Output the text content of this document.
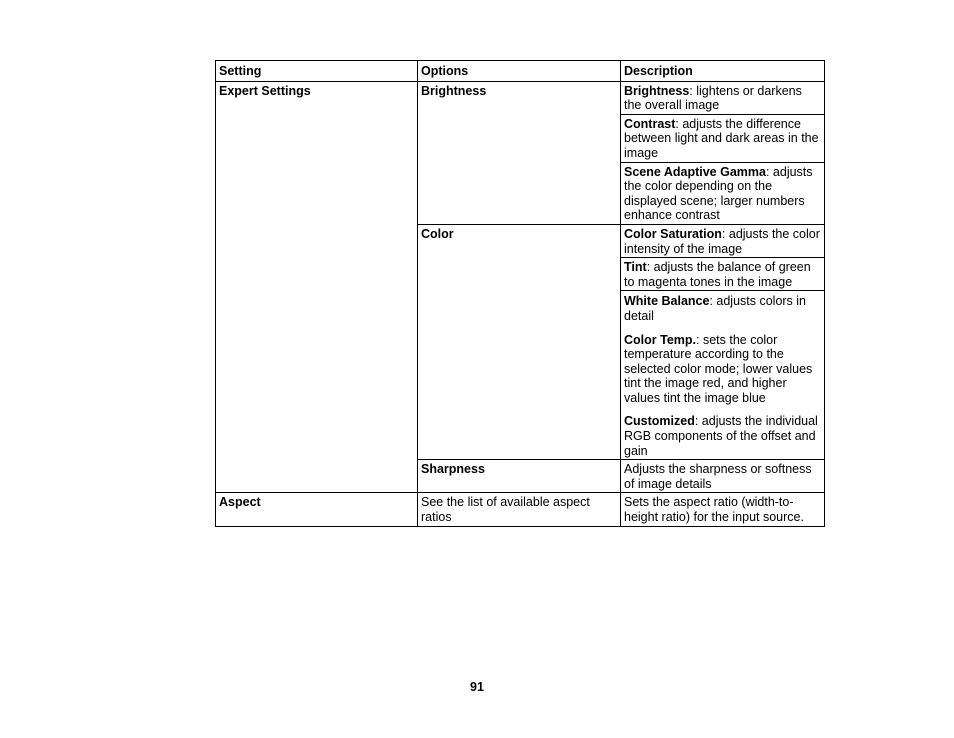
Setting	Options	Description
Expert Settings	Brightness	Brightness: lightens or darkens the overall image
		Contrast: adjusts the difference between light and dark areas in the image
		Scene Adaptive Gamma: adjusts the color depending on the displayed scene; larger numbers enhance contrast
	Color	Color Saturation: adjusts the color intensity of the image
		Tint: adjusts the balance of green to magenta tones in the image
		White Balance: adjusts colors in detail
		Color Temp.: sets the color temperature according to the selected color mode; lower values tint the image red, and higher values tint the image blue
		Customized: adjusts the individual RGB components of the offset and gain
	Sharpness	Adjusts the sharpness or softness of image details
Aspect	See the list of available aspect ratios	Sets the aspect ratio (width-to-height ratio) for the input source.
91
